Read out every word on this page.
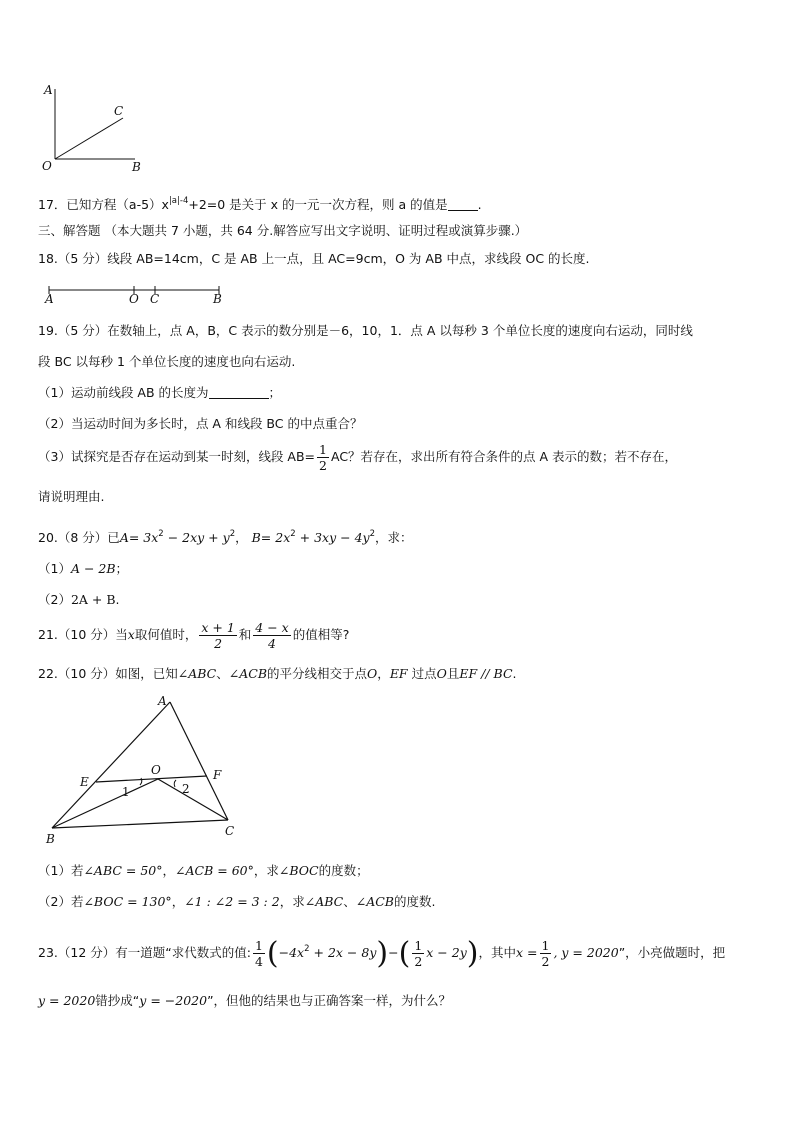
A
C
O	B
17．已知方程$(a-5)x^{|a|-4}+2=0$ 是关于 x 的一元一次方程，则 a 的值是 .
三、解答题 （本大题共 7 小题，共 64 分.解答应写出文字说明、证明过程或演算步骤.）
18.（5 分）线段 AB=14cm，C 是 AB 上一点，且 AC=9cm，O 为 AB 中点，求线段 OC 的长度.
A	O C	B
19.（5 分）在数轴上，点 A，B，C 表示的数分别是－6，10，1．点 A 以每秒 3 个单位长度的速度向右运动，同时线
段 BC 以每秒 1 个单位长度的速度也向右运动.
（1）运动前线段 AB 的长度为	；
（2）当运动时间为多长时，点 A 和线段 BC 的中点重合？
（3）试探究是否存在运动到某一时刻，线段 $AB= \frac{1}{2}$ AC？若存在，求出所有符合条件的点 A 表示的数；若不存在，
请说明理由.
20.（8 分）已$A= 3x^2 - 2xy + y^2$， $B= 2x^2 + 3xy - 4y^2$，求：
（1）A − 2B；
（2）2A + B.
21.（10 分）当x取何值时， $\frac{x + 1}{2}$ 和 $\frac{4 - x}{4}$ 的值相等?
22.（10 分）如图，已知∠ABC、∠ACB的平分线相交于点O，EF 过点O且EF // BC.
A
E
O	F
B
C
1	2
（1）若∠ABC = 50°，∠ACB = 60°，求∠BOC的度数；
（2）若∠BOC = 130°，∠1 : ∠2 = 3 : 2，求∠ABC、∠ACB的度数.
23.（12 分）有一道题“求代数式的值: $\frac{1}{4} (-4x^2 + 2x - 8y)-( \frac{1}{2}$ x − 2y)，其中$x = \frac{1}{2}$ , y = 2020”，小亮做题时，把
y = 2020错抄成“y = −2020”，但他的结果也与正确答案一样，为什么？
